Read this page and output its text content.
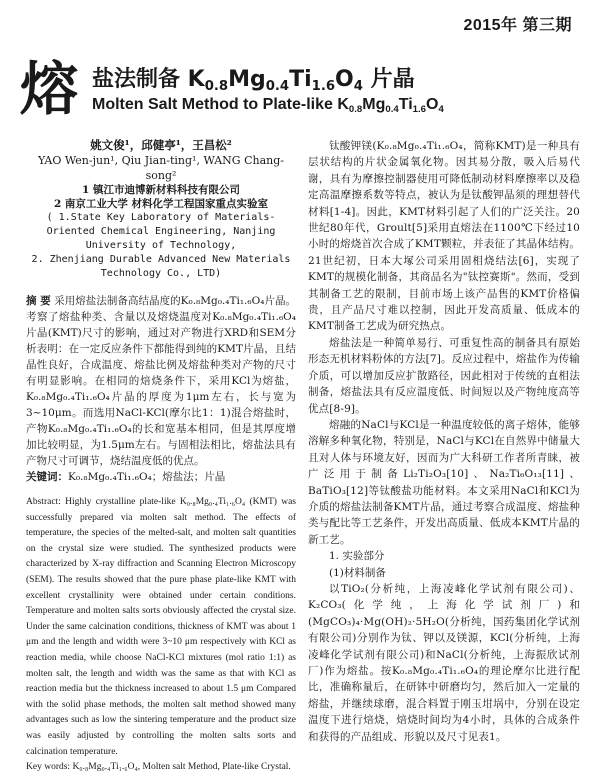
2015年 第三期
熔 盐法制备 $K_{0.8}Mg_{0.4}Ti_{1.6}O_4$ 片晶
Molten Salt Method to Plate-like $K_{0.8}Mg_{0.4}Ti_{1.6}O_4$
姚文俊¹，邱健亭¹，王昌松²
YAO Wen-jun¹, Qiu Jian-ting¹, WANG Chang-song²
1 镇江市迪博新材料科技有限公司
2 南京工业大学 材料化学工程国家重点实验室
( 1.State Key Laboratory of Materials-Oriented Chemical Engineering, Nanjing University of Technology,
2. Zhenjiang Durable Advanced New Materials Technology Co., LTD)
摘 要 采用熔盐法制备高结晶度的K₀.₈Mg₀.₄Ti₁.₆O₄片晶。考察了熔盐种类、含量以及熔烧温度对K₀.₈Mg₀.₄Ti₁.₆O₄片晶(KMT)尺寸的影响，通过对产物进行XRD和SEM分析表明：在一定反应条件下都能得到纯的KMT片晶，且结晶性良好，合成温度、熔盐比例及熔盐种类对产物的尺寸有明显影响。在相同的焙烧条件下，采用KCl为熔盐，K₀.₈Mg₀.₄Ti₁.₆O₄片晶的厚度为1μm左右，长与宽为3~10μm。而选用NaCl-KCl(摩尔比1：1)混合熔盐时，产物K₀.₈Mg₀.₄Ti₁.₆O₄的长和宽基本相同，但是其厚度增加比较明显，为1.5μm左右。与固相法相比，熔盐法具有产物尺寸可调节，烧结温度低的优点。
关键词：K₀.₈Mg₀.₄Ti₁.₆O₄；熔盐法；片晶
Abstract: Highly crystalline plate-like K₀.₈Mg₀.₄Ti₁.₆O₄ (KMT) was successfully prepared via molten salt method. The effects of temperature, the species of the melted-salt, and molten salt quantities on the crystal size were studied. The synthesized products were characterized by X-ray diffraction and Scanning Electron Microscopy (SEM). The results showed that the pure phase plate-like KMT with excellent crystallinity were obtained under certain conditions. Temperature and molten salts sorts obviously affected the crystal size. Under the same calcination conditions, thickness of KMT was about 1 μm and the length and width were 3~10 μm respectively with KCl as reaction media, while choose NaCl-KCl mixtures (mol ratio 1:1) as molten salt, the length and width was the same as that with KCl as reaction media but the thickness increased to about 1.5 μm Compared with the solid phase methods, the molten salt method showed many advantages such as low the sintering temperature and the product size was easily adjusted by controlling the molten salts sorts and calcination temperature.
Key words: K₀.₈Mg₀.₄Ti₁.₆O₄, Molten salt Method, Plate-like Crystal.

钛酸钾镁(K₀.₈Mg₀.₄Ti₁.₆O₄，简称KMT)是一种具有层状结构的片状金属氧化物。因其易分散，吸入后易代谢，具有为摩擦控制器使用可降低制动材料摩擦率以及稳定高温摩擦系数等特点，被认为是钛酸钾晶须的理想替代材料[1-4]。因此，KMT材料引起了人们的广泛关注。20世纪80年代，Groult[5]采用直熔法在1100℃下经过10小时的熔烧首次合成了KMT颗粒，并表征了其晶体结构。21世纪初，日本大塚公司采用固相烧结法[6]，实现了KMT的规模化制备，其商品名为"钛控赛斯"。然而，受到其制备工艺的限制，目前市场上该产品售的KMT价格偏贵，且产品尺寸难以控制，因此开发高质量、低成本的KMT制备工艺成为研究热点。

熔盐法是一种简单易行、可重复性高的制备具有原始形态无机材料粉体的方法[7]。反应过程中，熔盐作为传输介质，可以增加反应扩散路径，因此相对于传统的直相法制备，熔盐法具有反应温度低、时间短以及产物纯度高等优点[8-9]。

熔融的NaCl与KCl是一种温度较低的离子熔体，能够溶解多种氧化物，特别是，NaCl与KCl在自然界中储量大且对人体与环境友好，因而为广大科研工作者所青睐，被广泛用于制备Li₂Ti₂O₃[10]、Na₂Ti₆O₁₃[11]、BaTiO₃[12]等钛酸盐功能材料。本文采用NaCl和KCl为介质的熔盐法制备KMT片晶，通过考察合成温度、熔盐种类与配比等工艺条件，开发出高质量、低成本KMT片晶的新工艺。

1. 实验部分

(1)材料制备

以TiO₂(分析纯，上海凌峰化学试剂有限公司)、K₂CO₃(化学纯，上海化学试剂厂)和(MgCO₃)₄·Mg(OH)₂·5H₂O(分析纯，国药集团化学试剂有限公司)分别作为钛、钾以及镁源，KCl(分析纯，上海凌峰化学试剂有限公司)和NaCl(分析纯，上海振欣试剂厂)作为熔盐。按K₀.₈Mg₀.₄Ti₁.₆O₄的理论摩尔比进行配比，准确称量后，在研钵中研磨均匀，然后加入一定量的熔盐，并继续球磨，混合料置于刚玉坩埚中，分别在设定温度下进行焙烧，焙烧时间均为4小时，具体的合成条件和获得的产品组成、形貌以及尺寸见表1。
